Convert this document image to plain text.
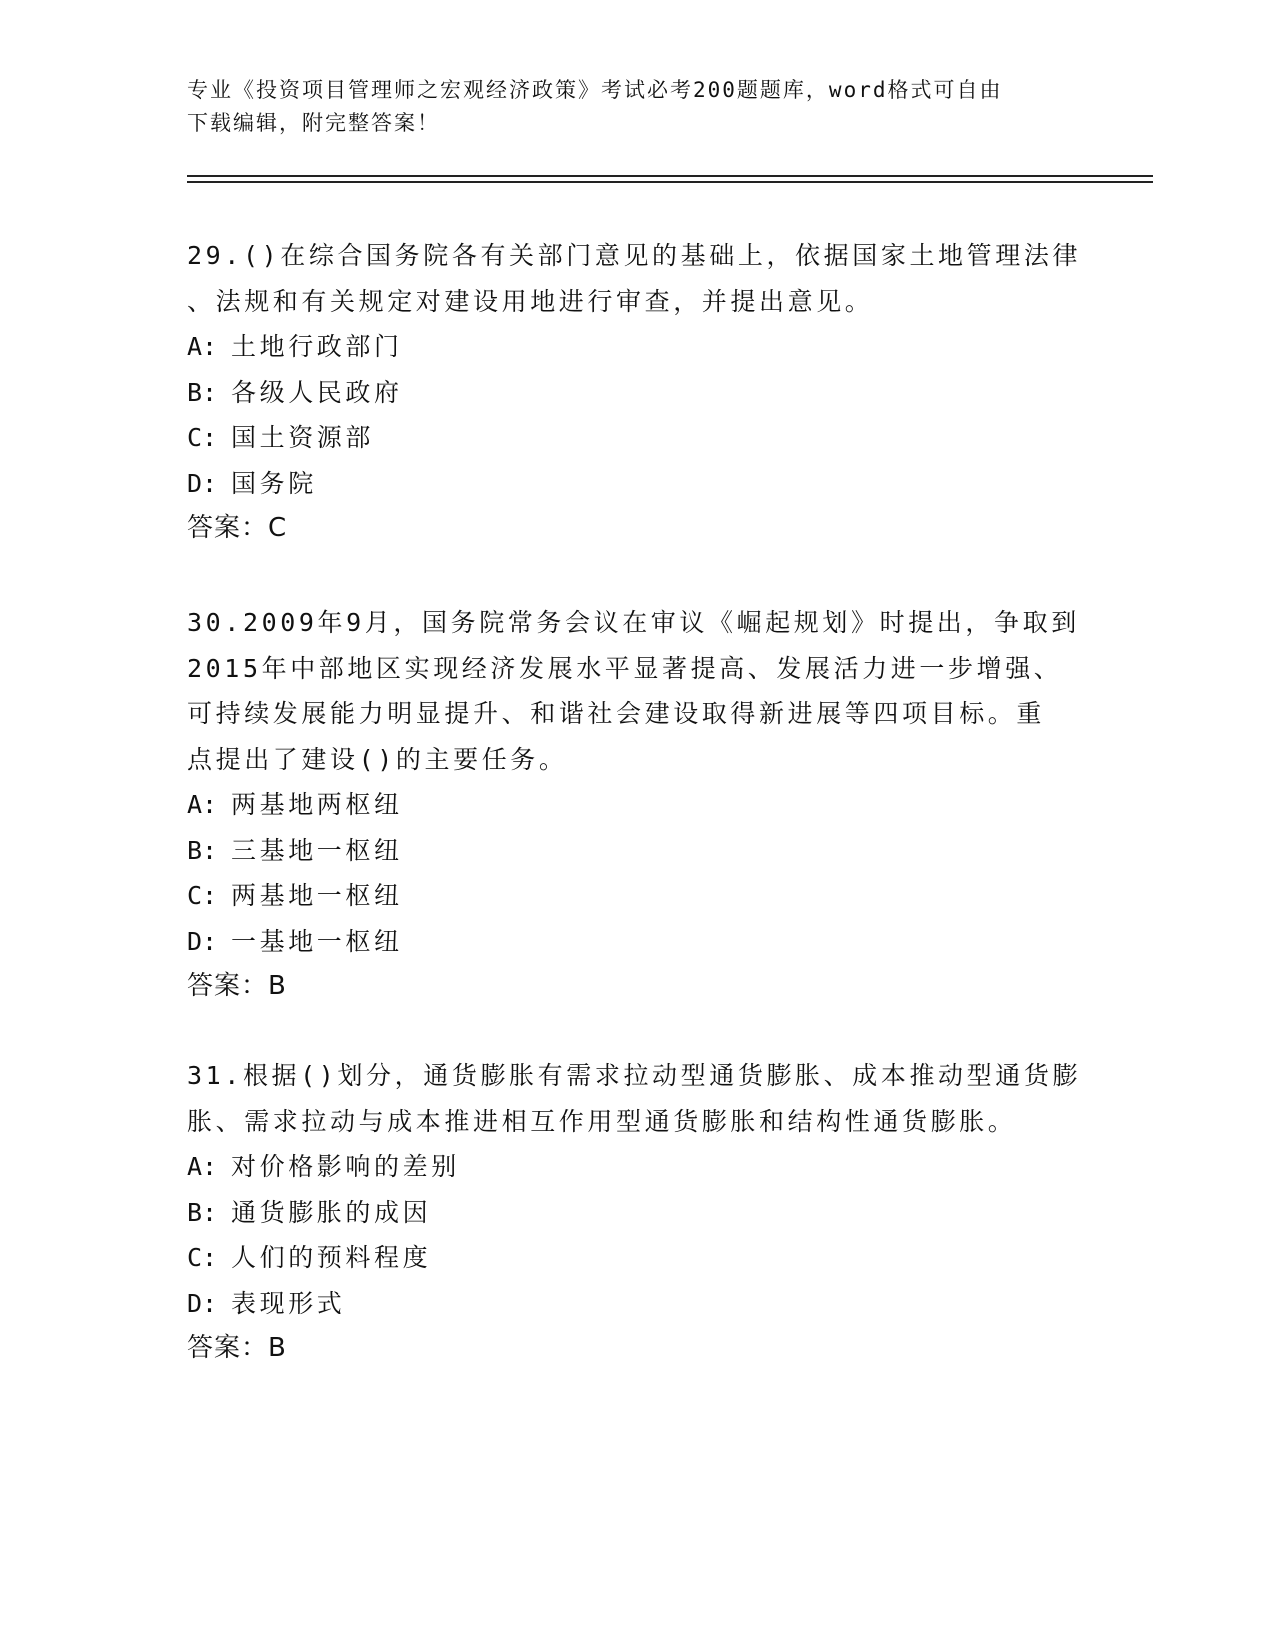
专业《投资项目管理师之宏观经济政策》考试必考200题题库，word格式可自由
下载编辑，附完整答案！

29.()在综合国务院各有关部门意见的基础上，依据国家土地管理法律

、法规和有关规定对建设用地进行审查，并提出意见。

A: 土地行政部门

B: 各级人民政府

C: 国土资源部

D: 国务院

答案：C

30.2009年9月，国务院常务会议在审议《崛起规划》时提出，争取到

2015年中部地区实现经济发展水平显著提高、发展活力进一步增强、

可持续发展能力明显提升、和谐社会建设取得新进展等四项目标。重

点提出了建设()的主要任务。

A: 两基地两枢纽

B: 三基地一枢纽

C: 两基地一枢纽

D: 一基地一枢纽

答案：B

31.根据()划分，通货膨胀有需求拉动型通货膨胀、成本推动型通货膨

胀、需求拉动与成本推进相互作用型通货膨胀和结构性通货膨胀。

A: 对价格影响的差别

B: 通货膨胀的成因

C: 人们的预料程度

D: 表现形式

答案：B
